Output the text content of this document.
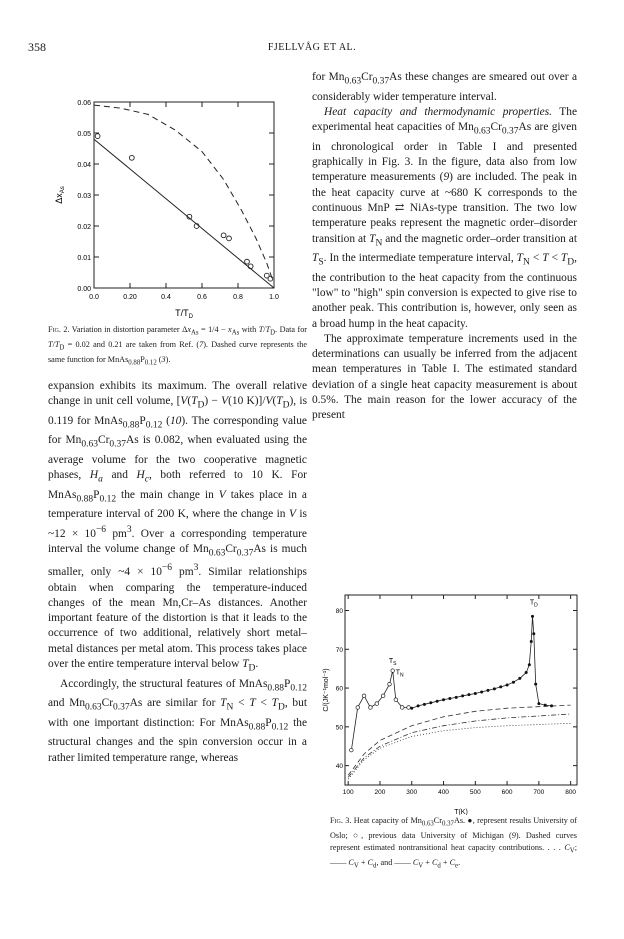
358	FJELLVÅG ET AL.
0.0	0.20	0.4	0.6	0.8	1.0
0.06
0.05
0.04
0.03
0.02
0.01
0.00
$T/T_D$
$\Delta x_{As}$
Fig. 2. Variation in distortion parameter $\Delta x_{As} = 1/4 - x_{As}$ with $T/T_D$. Data for $T/T_D = 0.02$ and 0.21 are taken from Ref. (7). Dashed curve represents the same function for $MnAs_{0.88}P_{0.12}$ (3).

expansion exhibits its maximum. The overall relative change in unit cell volume, [$V(T_D) - V(10$ $K)]/V(T_D)$, is 0.119 for $MnAs_{0.88}P_{0.12}$ (10). The corresponding value for $Mn_{0.63}Cr_{0.37}As$ is 0.082, when evaluated using the average volume for the two cooperative magnetic phases, $H_a$ and $H_c$, both referred to 10 K. For $MnAs_{0.88}P_{0.12}$ the main change in V takes place in a temperature interval of 200 K, where the change in V is ~12 × $10^{-6}$ $pm^3$. Over a corresponding temperature interval the volume change of $Mn_{0.63}Cr_{0.37}As$ is much smaller, only ~4 × $10^{-6}$ $pm^3$. Similar relationships obtain when comparing the temperature-induced changes of the mean Mn,Cr–As distances. Another important feature of the distortion is that it leads to the occurrence of two additional, relatively short metal–metal distances per metal atom. This process takes place over the entire temperature interval below $T_D$.

Accordingly, the structural features of $MnAs_{0.88}P_{0.12}$ and $Mn_{0.63}Cr_{0.37}As$ are similar for $T_N < T < T_D$, but with one important distinction: For $MnAs_{0.88}P_{0.12}$ the structural changes and the spin conversion occur in a rather limited temperature range, whereas

for $Mn_{0.63}Cr_{0.37}As$ these changes are smeared out over a considerably wider temperature interval.

Heat capacity and thermodynamic properties. The experimental heat capacities of $Mn_{0.63}Cr_{0.37}As$ are given in chronological order in Table I and presented graphically in Fig. 3. In the figure, data also from low temperature measurements (9) are included. The peak in the heat capacity curve at ~680 K corresponds to the continuous MnP ⇄ NiAs-type transition. The two low temperature peaks represent the magnetic order–disorder transition at $T_N$ and the magnetic order–order transition at $T_S$. In the intermediate temperature interval, $T_N < T < T_D$, the contribution to the heat capacity from the continuous "low" to "high" spin conversion is expected to give rise to another peak. This contribution is, however, only seen as a broad hump in the heat capacity.

The approximate temperature increments used in the determinations can usually be inferred from the adjacent mean temperatures in Table I. The estimated standard deviation of a single heat capacity measurement is about 0.5%. The main reason for the lower accuracy of the present

100	200	300	400	500	600	700	800
80
70
60
50
40
$T_S$
$T_N$
$T_D$
T(K)
C/(JK⁻¹mol⁻¹)
Fig. 3. Heat capacity of $Mn_{0.63}Cr_{0.37}As$. ●, represent results University of Oslo; ○, previous data University of Michigan (9). Dashed curves represent estimated nontransitional heat capacity contributions. . . . $C_V$; —— $C_V + C_d$, and —— $C_V + C_d + C_e$.
